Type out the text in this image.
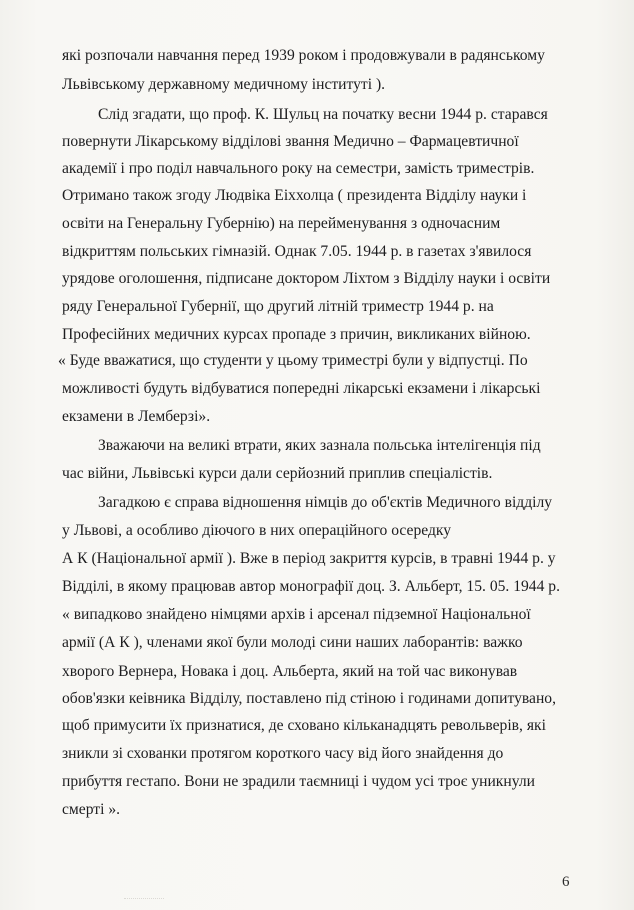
які розпочали навчання перед 1939 роком і продовжували в радянському
Львівському державному медичному інституті ).
Слід згадати, що проф. К. Шульц на початку весни 1944 р. старався
повернути Лікарському відділові звання Медично – Фармацевтичної
академії і про поділ навчального року на семестри, замість триместрів.
Отримано також згоду Людвіка Еіххолца ( президента Відділу науки і
освіти на Генеральну Губернію) на перейменування з одночасним
відкриттям польських гімназій. Однак 7.05. 1944 р. в газетах з'явилося
урядове оголошення, підписане доктором Ліхтом з Відділу науки і освіти
ряду Генеральної Губернії, що другий літній триместр 1944 р. на
Професійних медичних курсах пропаде з причин, викликаних війною.
« Буде вважатися, що студенти у цьому триместрі були у відпустці. По
можливості будуть відбуватися попередні лікарські екзамени і лікарські
екзамени в Лемберзі».
Зважаючи на великі втрати, яких зазнала польська інтелігенція під
час війни, Львівські курси дали серйозний приплив спеціалістів.
Загадкою є справа відношення німців до об'єктів Медичного відділу
у Львові, а особливо діючого в них операційного осередку
А К (Національної армії ). Вже в період закриття курсів, в травні 1944 р. у
Відділі, в якому працював автор монографії доц. З. Альберт, 15. 05. 1944 р.
« випадково знайдено німцями архів і арсенал підземної Національної
армії (А К ), членами якої були молоді сини наших лаборантів: важко
хворого Вернера, Новака і доц. Альберта, який на той час виконував
обов'язки кеівника Відділу, поставлено під стіною і годинами допитувано,
щоб примусити їх признатися, де сховано кільканадцять револьверів, які
зникли зі схованки протягом короткого часу від його знайдення до
прибуття гестапо. Вони не зрадили таємниці і чудом усі троє уникнули
смерті ».
6
